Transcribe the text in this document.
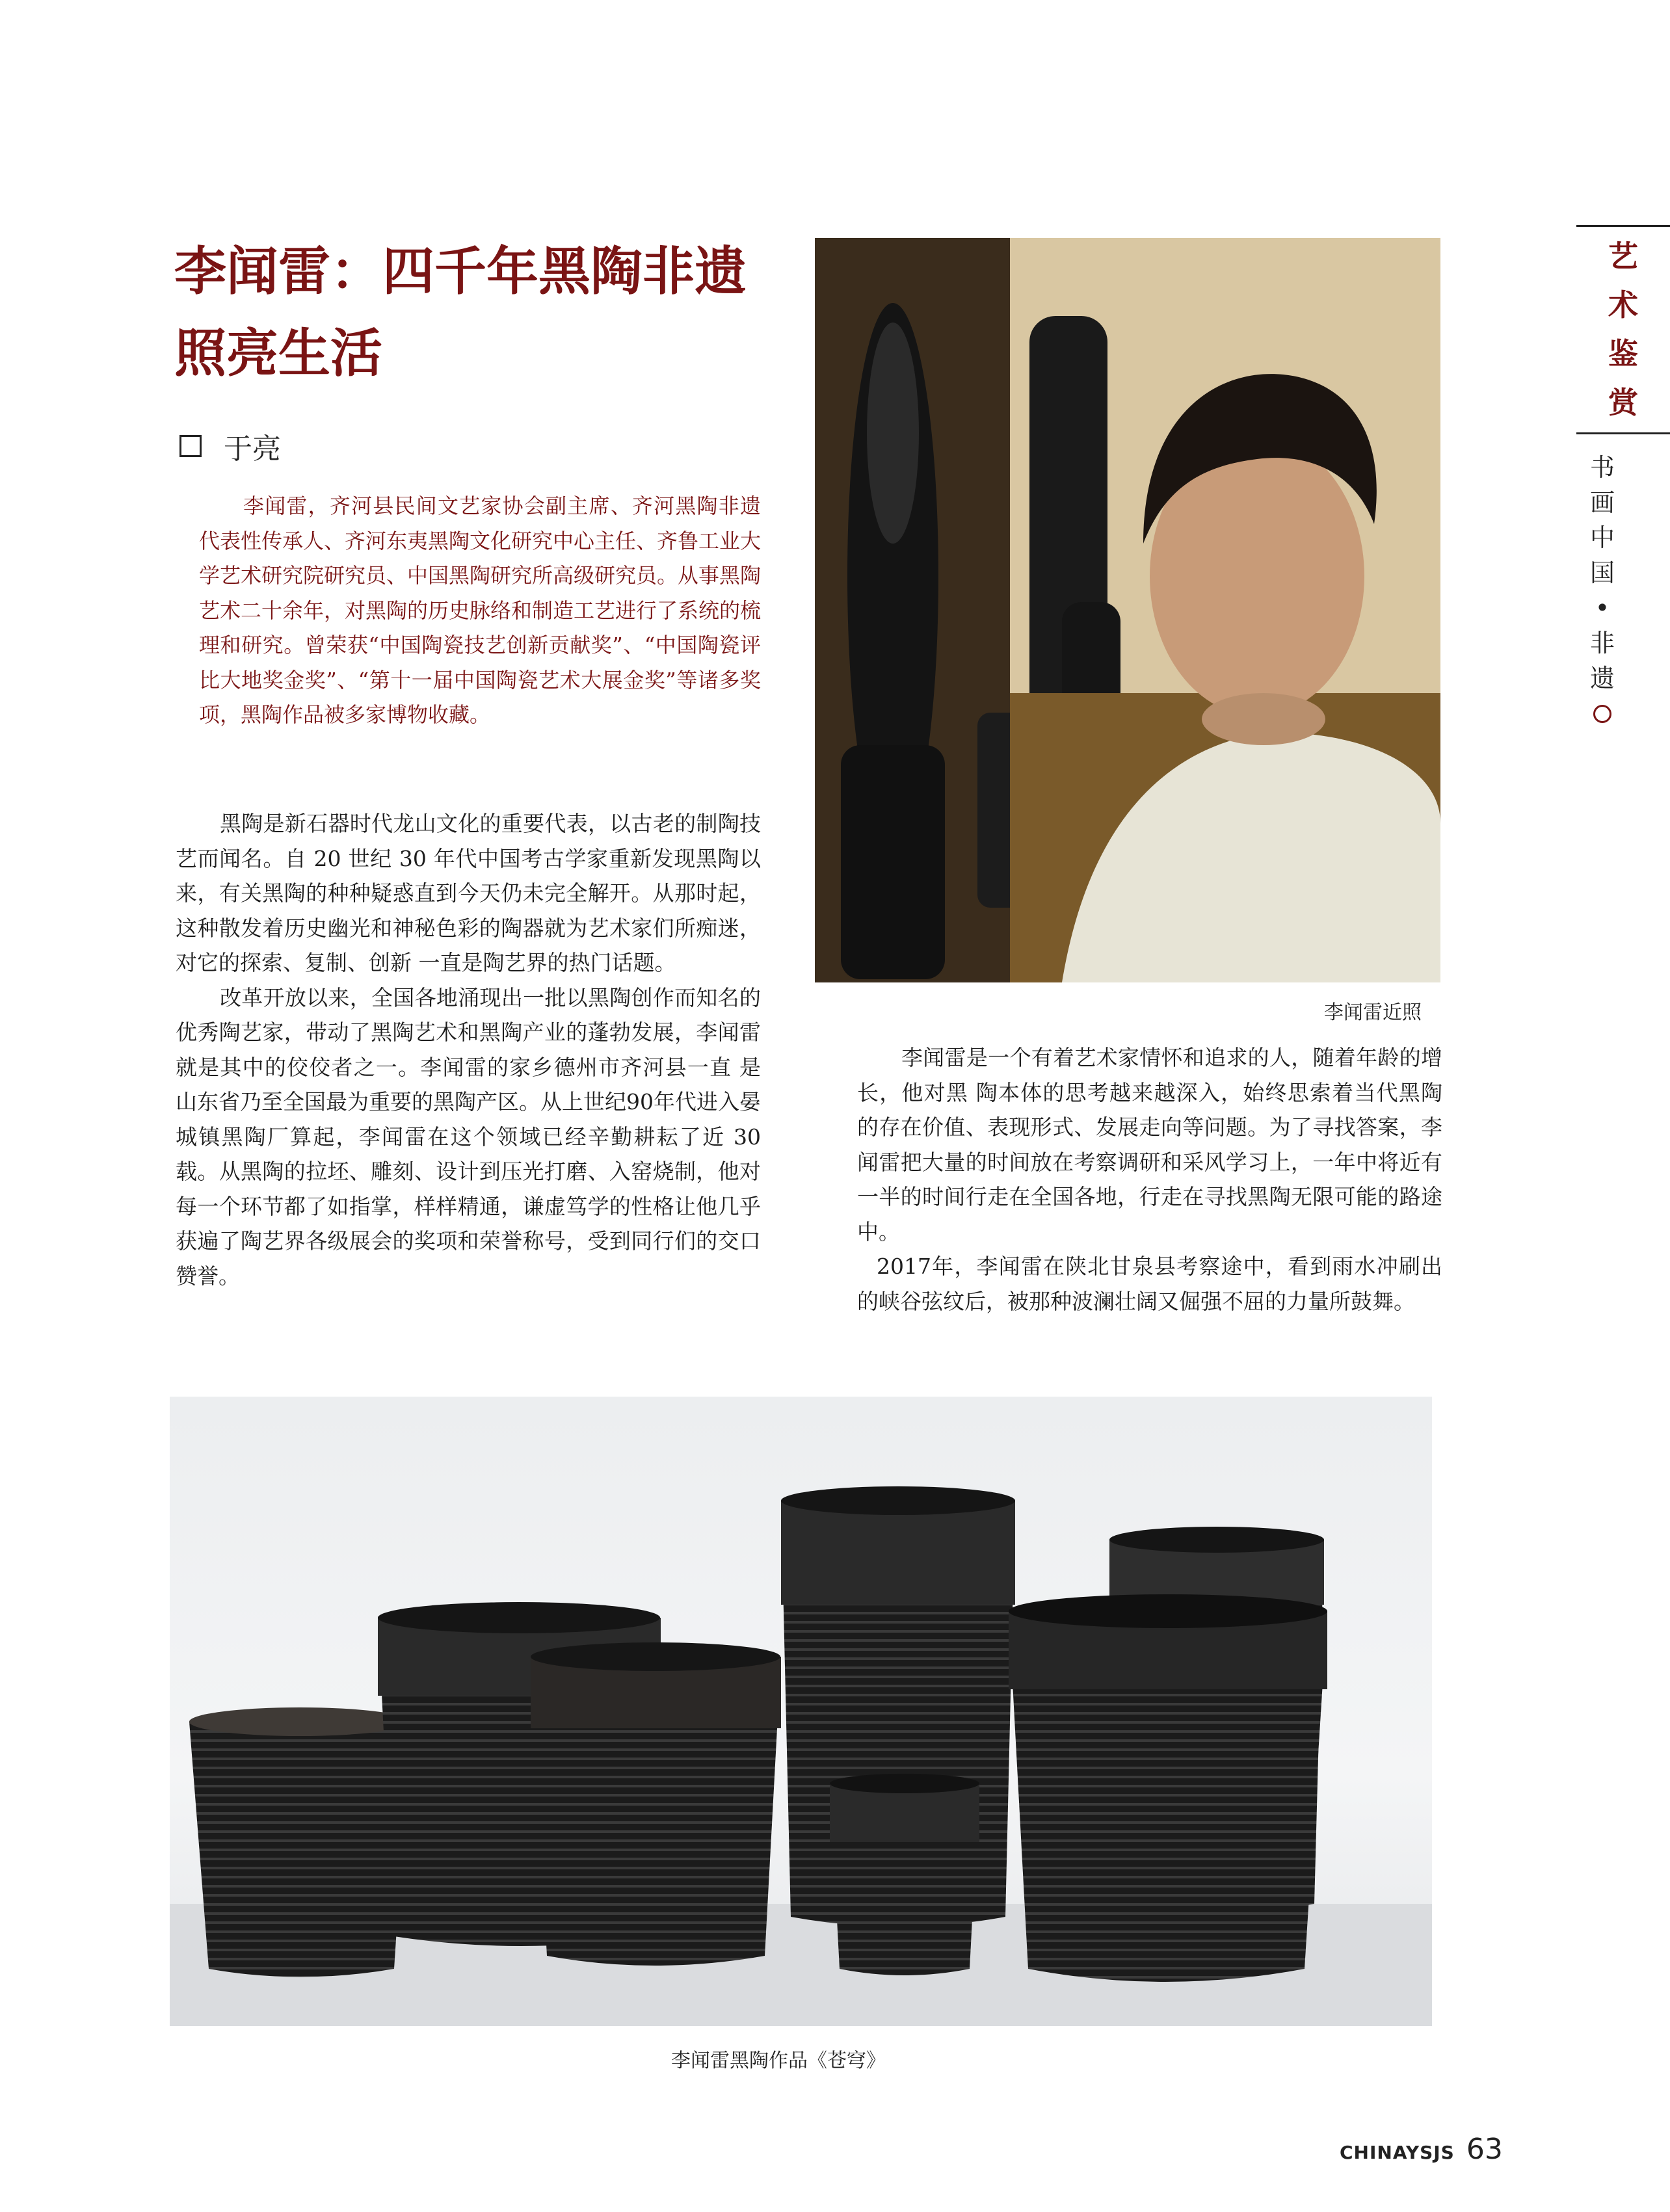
李闻雷：四千年黑陶非遗照亮生活
于亮

李闻雷，齐河县民间文艺家协会副主席、齐河黑陶非遗代表性传承人、齐河东夷黑陶文化研究中心主任、齐鲁工业大学艺术研究院研究员、中国黑陶研究所高级研究员。从事黑陶艺术二十余年，对黑陶的历史脉络和制造工艺进行了系统的梳理和研究。曾荣获“中国陶瓷技艺创新贡献奖”、“中国陶瓷评比大地奖金奖”、“第十一届中国陶瓷艺术大展金奖”等诸多奖项，黑陶作品被多家博物收藏。

黑陶是新石器时代龙山文化的重要代表，以古老的制陶技艺而闻名。自 20 世纪 30 年代中国考古学家重新发现黑陶以来，有关黑陶的种种疑惑直到今天仍未完全解开。从那时起，这种散发着历史幽光和神秘色彩的陶器就为艺术家们所痴迷，对它的探索、复制、创新 一直是陶艺界的热门话题。

改革开放以来，全国各地涌现出一批以黑陶创作而知名的优秀陶艺家，带动了黑陶艺术和黑陶产业的蓬勃发展，李闻雷就是其中的佼佼者之一。李闻雷的家乡德州市齐河县一直 是山东省乃至全国最为重要的黑陶产区。从上世纪90年代进入晏城镇黑陶厂算起，李闻雷在这个领域已经辛勤耕耘了近 30 载。从黑陶的拉坯、雕刻、设计到压光打磨、入窑烧制，他对每一个环节都了如指掌，样样精通，谦虚笃学的性格让他几乎获遍了陶艺界各级展会的奖项和荣誉称号，受到同行们的交口赞誉。

李闻雷近照

李闻雷是一个有着艺术家情怀和追求的人，随着年龄的增长，他对黑 陶本体的思考越来越深入，始终思索着当代黑陶的存在价值、表现形式、发展走向等问题。为了寻找答案，李闻雷把大量的时间放在考察调研和采风学习上，一年中将近有一半的时间行走在全国各地，行走在寻找黑陶无限可能的路途中。

2017年，李闻雷在陕北甘泉县考察途中，看到雨水冲刷出的峡谷弦纹后，被那种波澜壮阔又倔强不屈的力量所鼓舞。

李闻雷黑陶作品《苍穹》
艺
术
鉴
赏
书
画
中
国
•
非
遗
CHINAYSJS 63
